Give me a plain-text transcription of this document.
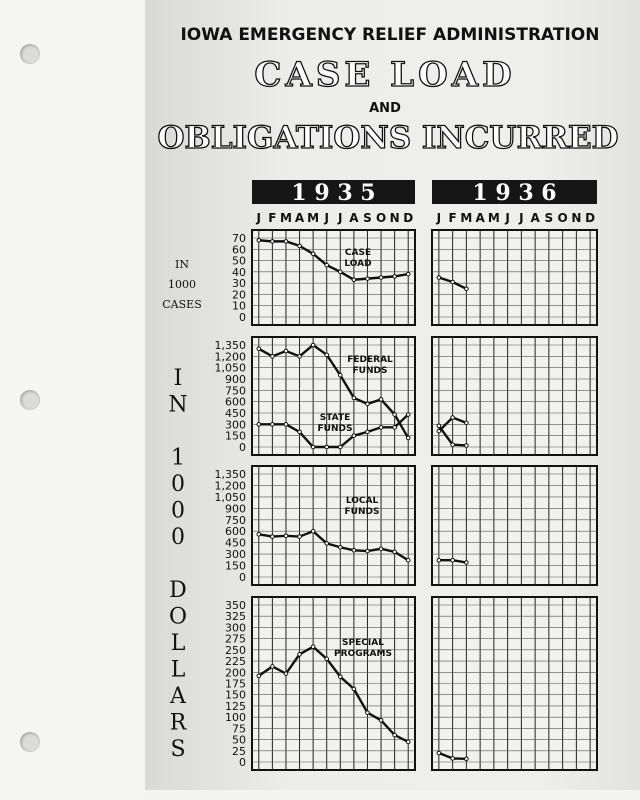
IOWA EMERGENCY RELIEF ADMINISTRATION
CASE LOAD
AND
OBLIGATIONS INCURRED
1 9 3 5
J F M A M J J A S O N D
1 9 3 6
J F M A M J J A S O N D
IN
1000
CASES
I
N
1
0
0
0
D
O
L
L
A
R
S
70
60
50
40
30
20
10
0
CASE
LOAD
1,350
1,200
1,050
900
750
600
450
300
150
0
FEDERAL
FUNDS
STATE
FUNDS
1,350
1,200
1,050
900
750
600
450
300
150
0
LOCAL
FUNDS
350
325
300
275
250
225
200
175
150
125
100
75
50
25
0
SPECIAL
PROGRAMS
